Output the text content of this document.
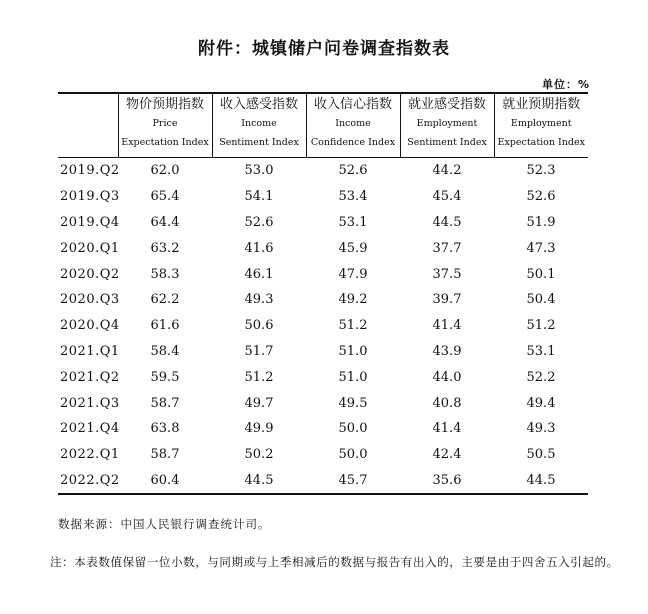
附件：城镇储户问卷调查指数表
单位：%

	物价预期指数
Price
Expectation Index	收入感受指数
Income
Sentiment Index	收入信心指数
Income
Confidence Index	就业感受指数
Employment
Sentiment Index	就业预期指数
Employment
Expectation Index

2019.Q2	62.0	53.0	52.6	44.2	52.3
2019.Q3	65.4	54.1	53.4	45.4	52.6
2019.Q4	64.4	52.6	53.1	44.5	51.9
2020.Q1	63.2	41.6	45.9	37.7	47.3
2020.Q2	58.3	46.1	47.9	37.5	50.1
2020.Q3	62.2	49.3	49.2	39.7	50.4
2020.Q4	61.6	50.6	51.2	41.4	51.2
2021.Q1	58.4	51.7	51.0	43.9	53.1
2021.Q2	59.5	51.2	51.0	44.0	52.2
2021.Q3	58.7	49.7	49.5	40.8	49.4
2021.Q4	63.8	49.9	50.0	41.4	49.3
2022.Q1	58.7	50.2	50.0	42.4	50.5
2022.Q2	60.4	44.5	45.7	35.6	44.5
数据来源：中国人民银行调查统计司。
注：本表数值保留一位小数，与同期或与上季相减后的数据与报告有出入的，主要是由于四舍五入引起的。
